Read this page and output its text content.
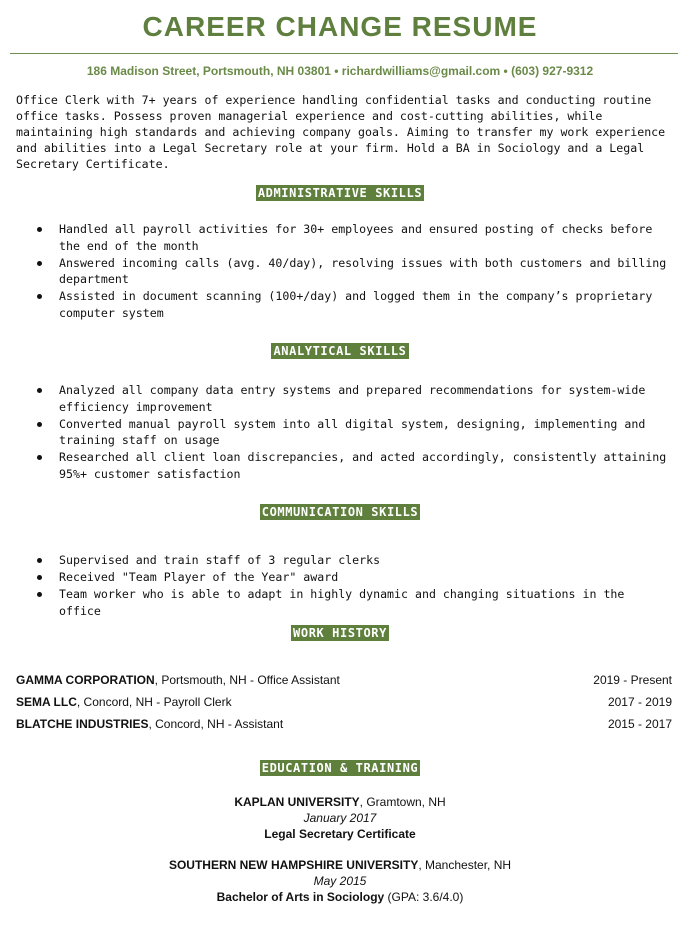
CAREER CHANGE RESUME
186 Madison Street, Portsmouth, NH 03801 • richardwilliams@gmail.com • (603) 927-9312
Office Clerk with 7+ years of experience handling confidential tasks and conducting routine office tasks. Possess proven managerial experience and cost-cutting abilities, while maintaining high standards and achieving company goals. Aiming to transfer my work experience and abilities into a Legal Secretary role at your firm. Hold a BA in Sociology and a Legal Secretary Certificate.
ADMINISTRATIVE SKILLS
Handled all payroll activities for 30+ employees and ensured posting of checks before the end of the month
Answered incoming calls (avg. 40/day), resolving issues with both customers and billing department
Assisted in document scanning (100+/day) and logged them in the company’s proprietary computer system
ANALYTICAL SKILLS
Analyzed all company data entry systems and prepared recommendations for system-wide efficiency improvement
Converted manual payroll system into all digital system, designing, implementing and training staff on usage
Researched all client loan discrepancies, and acted accordingly, consistently attaining 95%+ customer satisfaction
COMMUNICATION SKILLS
Supervised and train staff of 3 regular clerks
Received "Team Player of the Year" award
Team worker who is able to adapt in highly dynamic and changing situations in the office
WORK HISTORY
GAMMA CORPORATION, Portsmouth, NH - Office Assistant	2019 - Present
SEMA LLC, Concord, NH - Payroll Clerk	2017 - 2019
BLATCHE INDUSTRIES, Concord, NH - Assistant	2015 - 2017
EDUCATION & TRAINING
KAPLAN UNIVERSITY, Gramtown, NH
January 2017
Legal Secretary Certificate
SOUTHERN NEW HAMPSHIRE UNIVERSITY, Manchester, NH
May 2015
Bachelor of Arts in Sociology (GPA: 3.6/4.0)
